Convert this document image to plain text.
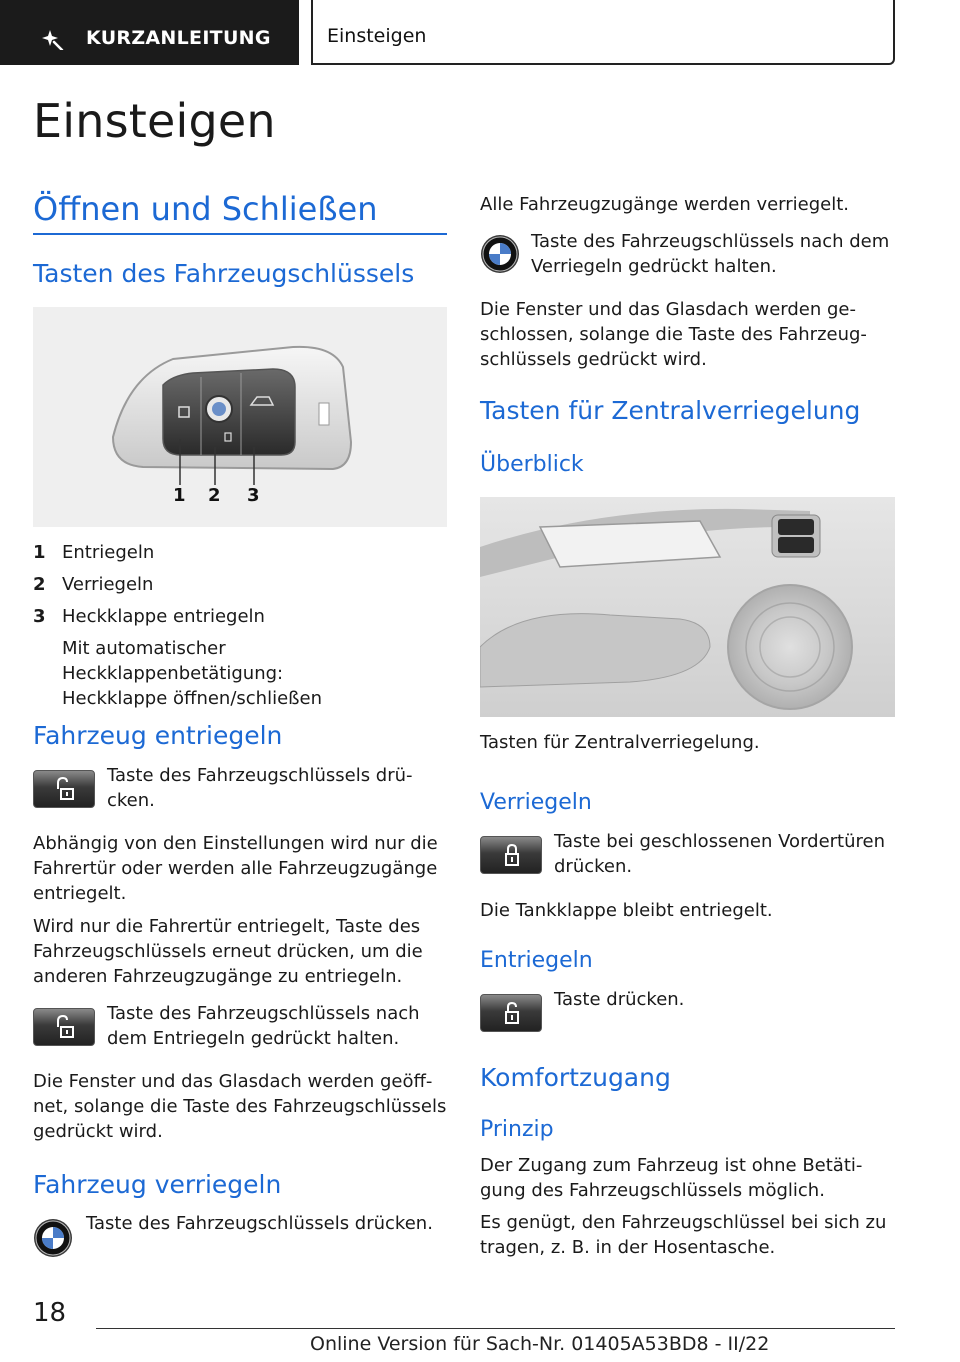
KURZANLEITUNG	Einsteigen
Einsteigen
Öffnen und Schließen
Tasten des Fahrzeugschlüssels
1 2 3
1 Entriegeln
2 Verriegeln
3 Heckklappe entriegeln
Mit automatischer Heckklappenbetätigung:
Heckklappe öffnen/schließen
Fahrzeug entriegeln
Taste des Fahrzeugschlüssels drü-
cken.
Abhängig von den Einstellungen wird nur die
Fahrertür oder werden alle Fahrzeugzugänge
entriegelt.
Wird nur die Fahrertür entriegelt, Taste des
Fahrzeugschlüssels erneut drücken, um die
anderen Fahrzeugzugänge zu entriegeln.
Taste des Fahrzeugschlüssels nach
dem Entriegeln gedrückt halten.
Die Fenster und das Glasdach werden geöff-
net, solange die Taste des Fahrzeugschlüssels
gedrückt wird.
Fahrzeug verriegeln
Taste des Fahrzeugschlüssels drücken.
Alle Fahrzeugzugänge werden verriegelt.
Taste des Fahrzeugschlüssels nach dem
Verriegeln gedrückt halten.
Die Fenster und das Glasdach werden ge-
schlossen, solange die Taste des Fahrzeug-
schlüssels gedrückt wird.
Tasten für Zentralverriegelung
Überblick
Tasten für Zentralverriegelung.
Verriegeln
Taste bei geschlossenen Vordertüren
drücken.
Die Tankklappe bleibt entriegelt.
Entriegeln
Taste drücken.
Komfortzugang
Prinzip
Der Zugang zum Fahrzeug ist ohne Betäti-
gung des Fahrzeugschlüssels möglich.
Es genügt, den Fahrzeugschlüssel bei sich zu
tragen, z. B. in der Hosentasche.
18
Online Version für Sach-Nr. 01405A53BD8 - II/22
